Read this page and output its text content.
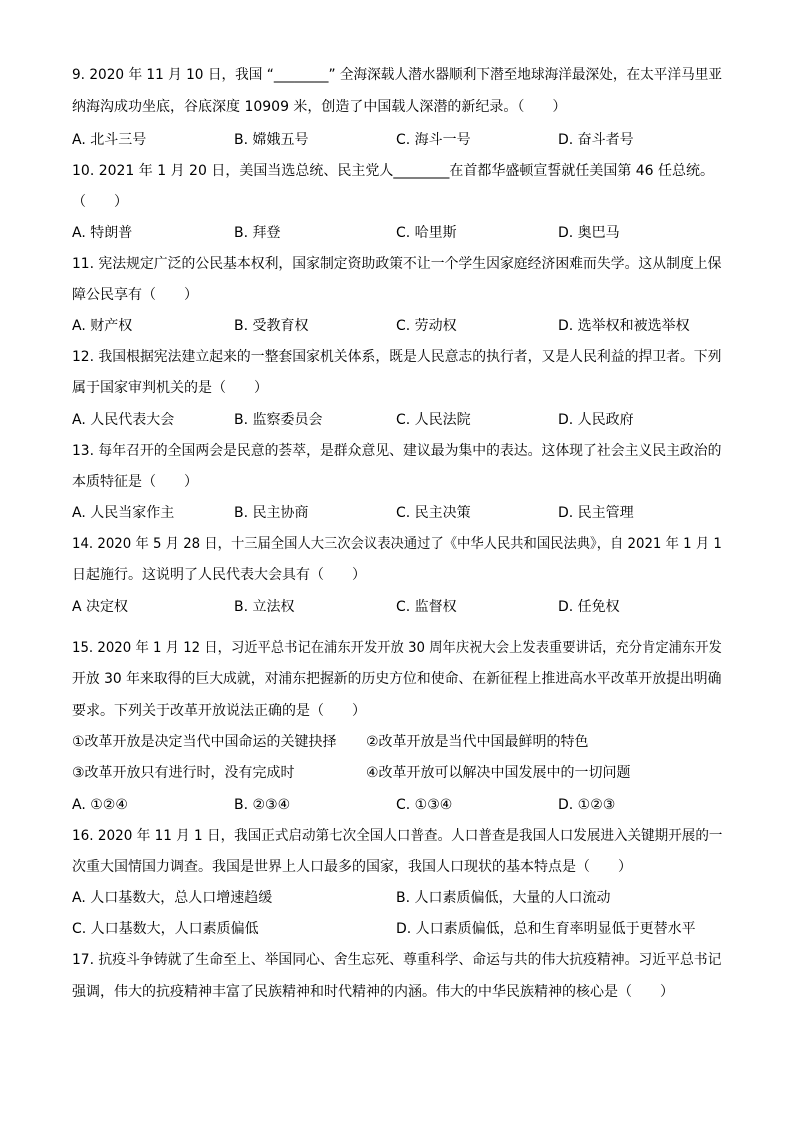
9. 2020 年 11 月 10 日，我国 “________” 全海深载人潜水器顺利下潜至地球海洋最深处，在太平洋马里亚
纳海沟成功坐底，谷底深度 10909 米，创造了中国载人深潜的新纪录。（　　）
A. 北斗三号	B. 嫦娥五号	C. 海斗一号	D. 奋斗者号
10. 2021 年 1 月 20 日，美国当选总统、民主党人________在首都华盛顿宣誓就任美国第 46 任总统。
（　　）
A. 特朗普	B. 拜登	C. 哈里斯	D. 奥巴马
11. 宪法规定广泛的公民基本权利，国家制定资助政策不让一个学生因家庭经济困难而失学。这从制度上保
障公民享有（　　）
A. 财产权	B. 受教育权	C. 劳动权	D. 选举权和被选举权
12. 我国根据宪法建立起来的一整套国家机关体系，既是人民意志的执行者，又是人民利益的捍卫者。下列
属于国家审判机关的是（　　）
A. 人民代表大会	B. 监察委员会	C. 人民法院	D. 人民政府
13. 每年召开的全国两会是民意的荟萃，是群众意见、建议最为集中的表达。这体现了社会主义民主政治的
本质特征是（　　）
A. 人民当家作主	B. 民主协商	C. 民主决策	D. 民主管理
14. 2020 年 5 月 28 日，十三届全国人大三次会议表决通过了《中华人民共和国民法典》，自 2021 年 1 月 1
日起施行。这说明了人民代表大会具有（　　）
A 决定权	B. 立法权	C. 监督权	D. 任免权
15. 2020 年 1 月 12 日，习近平总书记在浦东开发开放 30 周年庆祝大会上发表重要讲话，充分肯定浦东开发
开放 30 年来取得的巨大成就，对浦东把握新的历史方位和使命、在新征程上推进高水平改革开放提出明确
要求。下列关于改革开放说法正确的是（　　）
①改革开放是决定当代中国命运的关键抉择 ②改革开放是当代中国最鲜明的特色
③改革开放只有进行时，没有完成时	④改革开放可以解决中国发展中的一切问题
A. ①②④	B. ②③④	C. ①③④	D. ①②③
16. 2020 年 11 月 1 日，我国正式启动第七次全国人口普查。人口普查是我国人口发展进入关键期开展的一
次重大国情国力调查。我国是世界上人口最多的国家，我国人口现状的基本特点是（　　）
A. 人口基数大，总人口增速趋缓	B. 人口素质偏低，大量的人口流动
C. 人口基数大，人口素质偏低	D. 人口素质偏低，总和生育率明显低于更替水平
17. 抗疫斗争铸就了生命至上、举国同心、舍生忘死、尊重科学、命运与共的伟大抗疫精神。习近平总书记
强调，伟大的抗疫精神丰富了民族精神和时代精神的内涵。伟大的中华民族精神的核心是（　　）
